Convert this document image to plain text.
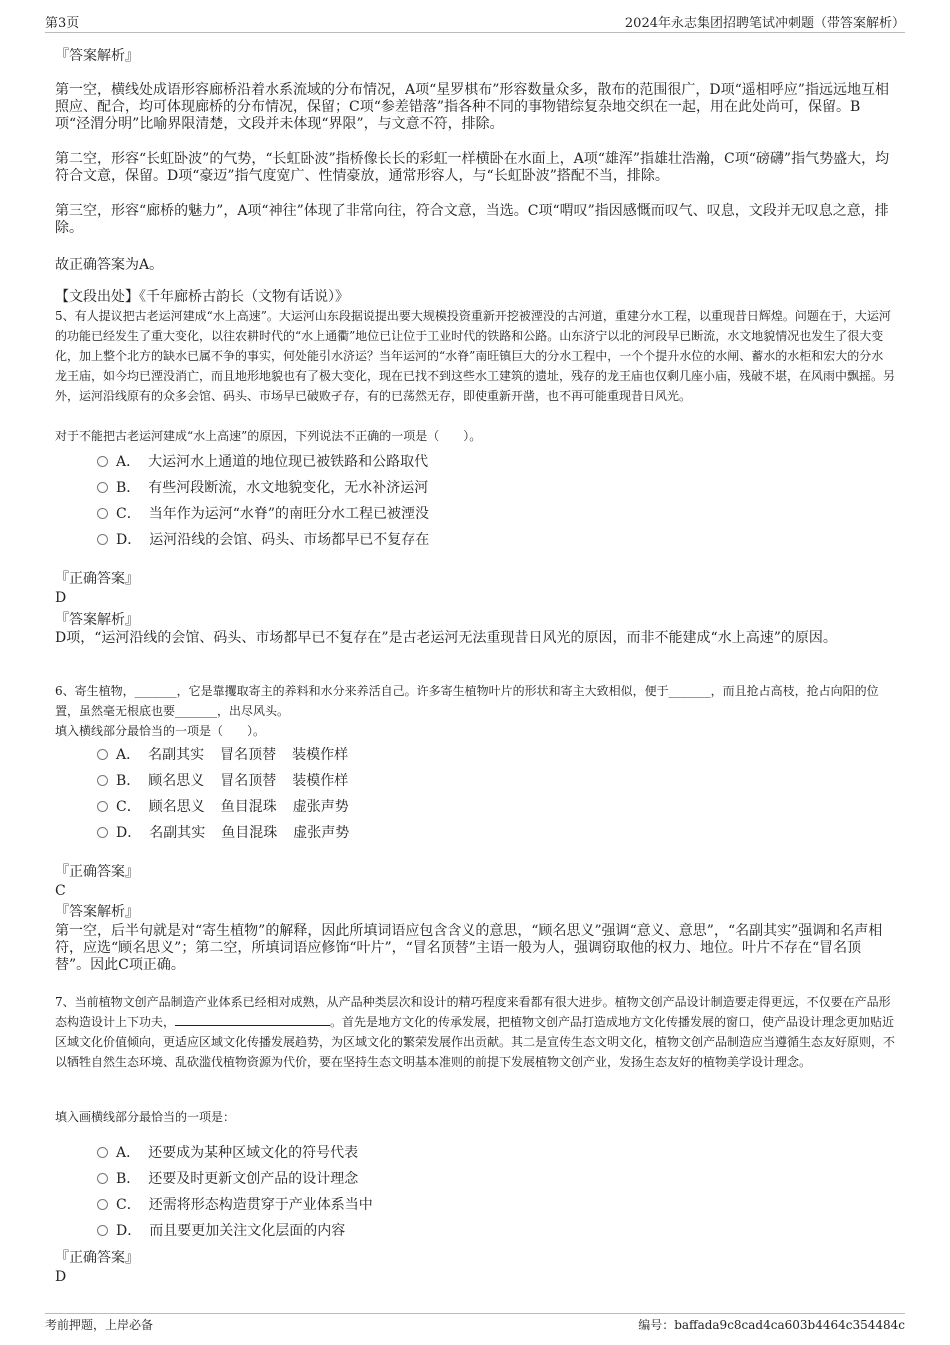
第3页	2024年永志集团招聘笔试冲刺题（带答案解析）
『答案解析』
第一空，横线处成语形容廊桥沿着水系流域的分布情况，A项“星罗棋布”形容数量众多，散布的范围很广，D项“遥相呼应”指远远地互相照应、配合，均可体现廊桥的分布情况，保留；C项“参差错落”指各种不同的事物错综复杂地交织在一起，用在此处尚可，保留。B项“泾渭分明”比喻界限清楚，文段并未体现“界限”，与文意不符，排除。
第二空，形容“长虹卧波”的气势，“长虹卧波”指桥像长长的彩虹一样横卧在水面上，A项“雄浑”指雄壮浩瀚，C项“磅礴”指气势盛大，均符合文意，保留。D项“豪迈”指气度宽广、性情豪放，通常形容人，与“长虹卧波”搭配不当，排除。
第三空，形容“廊桥的魅力”，A项“神往”体现了非常向往，符合文意，当选。C项“喟叹”指因感慨而叹气、叹息，文段并无叹息之意，排除。
故正确答案为A。
【文段出处】《千年廊桥古韵长（文物有话说）》
5、有人提议把古老运河建成“水上高速”。大运河山东段据说提出要大规模投资重新开挖被湮没的古河道，重建分水工程，以重现昔日辉煌。问题在于，大运河的功能已经发生了重大变化，以往农耕时代的“水上通衢”地位已让位于工业时代的铁路和公路。山东济宁以北的河段早已断流，水文地貌情况也发生了很大变化，加上整个北方的缺水已属不争的事实，何处能引水济运？当年运河的“水脊”南旺镇巨大的分水工程中，一个个提升水位的水闸、蓄水的水柜和宏大的分水龙王庙，如今均已湮没消亡，而且地形地貌也有了极大变化，现在已找不到这些水工建筑的遗址，残存的龙王庙也仅剩几座小庙，残破不堪，在风雨中飘摇。另外，运河沿线原有的众多会馆、码头、市场早已破败孑存，有的已荡然无存，即使重新开凿，也不再可能重现昔日风光。
对于不能把古老运河建成“水上高速”的原因，下列说法不正确的一项是（　　）。
A． 大运河水上通道的地位现已被铁路和公路取代
B． 有些河段断流，水文地貌变化，无水补济运河
C． 当年作为运河“水脊”的南旺分水工程已被湮没
D． 运河沿线的会馆、码头、市场都早已不复存在
『正确答案』
D
『答案解析』
D项，“运河沿线的会馆、码头、市场都早已不复存在”是古老运河无法重现昔日风光的原因，而非不能建成“水上高速”的原因。
6、寄生植物，_______，它是靠攫取寄主的养料和水分来养活自己。许多寄生植物叶片的形状和寄主大致相似，便于_______，而且抢占高枝，抢占向阳的位置，虽然毫无根底也要_______，出尽风头。
填入横线部分最恰当的一项是（　　）。
A． 名副其实 冒名顶替 装模作样
B． 顾名思义 冒名顶替 装模作样
C． 顾名思义 鱼目混珠 虚张声势
D． 名副其实 鱼目混珠 虚张声势
『正确答案』
C
『答案解析』
第一空，后半句就是对“寄生植物”的解释，因此所填词语应包含含义的意思，“顾名思义”强调“意义、意思”，“名副其实”强调和名声相符，应选“顾名思义”；第二空，所填词语应修饰“叶片”，“冒名顶替”主语一般为人，强调窃取他的权力、地位。叶片不存在“冒名顶替”。因此C项正确。
7、当前植物文创产品制造产业体系已经相对成熟，从产品种类层次和设计的精巧程度来看都有很大进步。植物文创产品设计制造要走得更远，不仅要在产品形态构造设计上下功夫，	。首先是地方文化的传承发展，把植物文创产品打造成地方文化传播发展的窗口，使产品设计理念更加贴近区域文化价值倾向，更适应区域文化传播发展趋势，为区域文化的繁荣发展作出贡献。其二是宣传生态文明文化，植物文创产品制造应当遵循生态友好原则，不以牺牲自然生态环境、乱砍滥伐植物资源为代价，要在坚持生态文明基本准则的前提下发展植物文创产业，发扬生态友好的植物美学设计理念。
填入画横线部分最恰当的一项是：
A． 还要成为某种区域文化的符号代表
B． 还要及时更新文创产品的设计理念
C． 还需将形态构造贯穿于产业体系当中
D． 而且要更加关注文化层面的内容
『正确答案』
D
考前押题，上岸必备	编号：baffada9c8cad4ca603b4464c354484c
